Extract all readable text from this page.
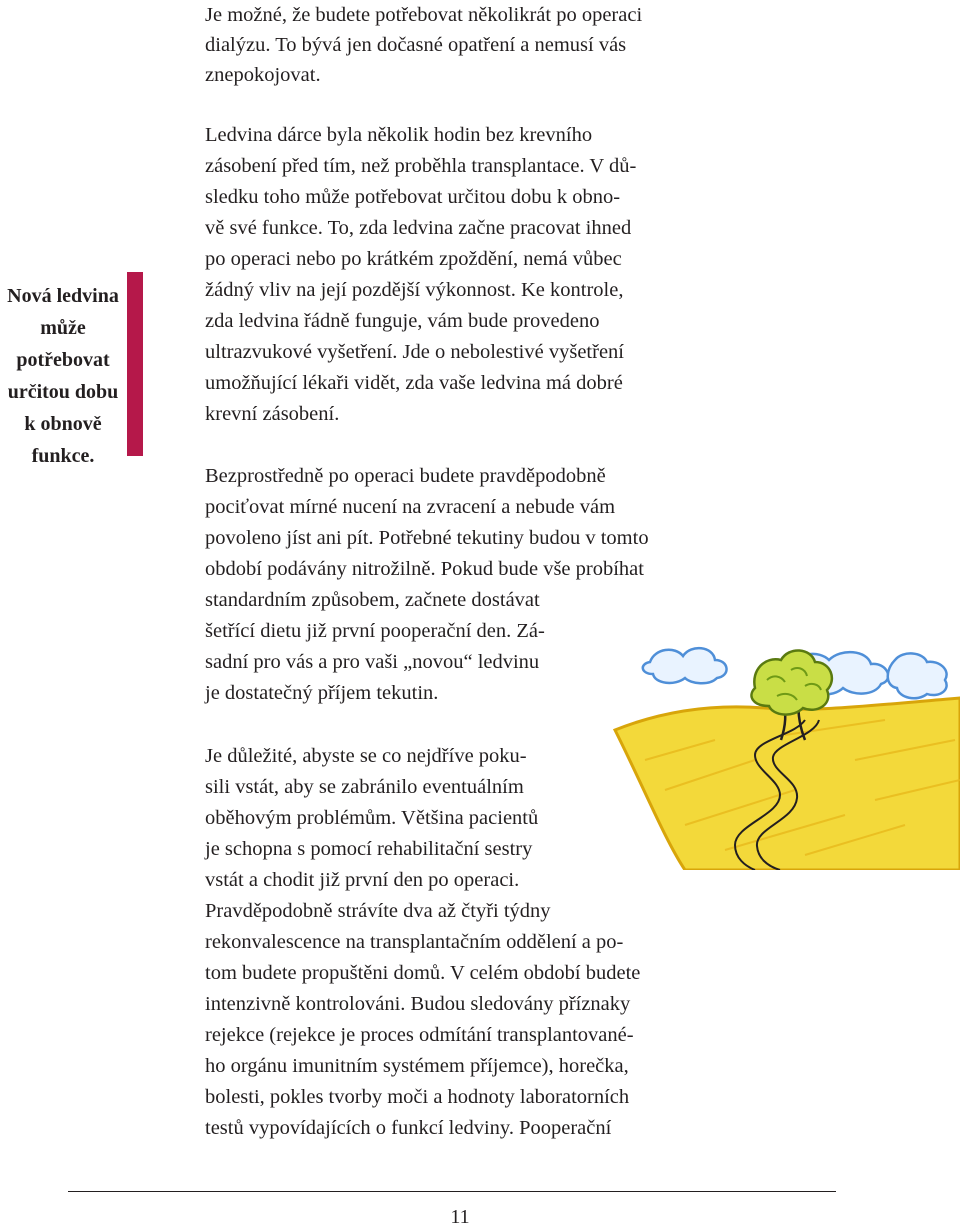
Nová ledvina
může
potřebovat
určitou dobu
k obnově
funkce.
Je možné, že budete potřebovat několikrát po operaci
dialýzu. To bývá jen dočasné opatření a nemusí vás
znepokojovat.
Ledvina dárce byla několik hodin bez krevního
zásobení před tím, než proběhla transplantace. V dů-
sledku toho může potřebovat určitou dobu k obno-
vě své funkce. To, zda ledvina začne pracovat ihned
po operaci nebo po krátkém zpoždění, nemá vůbec
žádný vliv na její pozdější výkonnost. Ke kontrole,
zda ledvina řádně funguje, vám bude provedeno
ultrazvukové vyšetření. Jde o nebolestivé vyšetření
umožňující lékaři vidět, zda vaše ledvina má dobré
krevní zásobení.
Bezprostředně po operaci budete pravděpodobně
pociťovat mírné nucení na zvracení a nebude vám
povoleno jíst ani pít. Potřebné tekutiny budou v tomto
období podávány nitrožilně. Pokud bude vše probíhat
standardním způsobem, začnete dostávat
šetřící dietu již první pooperační den. Zá-
sadní pro vás a pro vaši „novou“ ledvinu
je dostatečný příjem tekutin.
Je důležité, abyste se co nejdříve poku-
sili vstát, aby se zabránilo eventuálním
oběhovým problémům. Většina pacientů
je schopna s pomocí rehabilitační sestry
vstát a chodit již první den po operaci.
Pravděpodobně strávíte dva až čtyři týdny
rekonvalescence na transplantačním oddělení a po-
tom budete propuštěni domů. V celém období budete
intenzivně kontrolováni. Budou sledovány příznaky
rejekce (rejekce je proces odmítání transplantované-
ho orgánu imunitním systémem příjemce), horečka,
bolesti, pokles tvorby moči a hodnoty laboratorních
testů vypovídajících o funkcí ledviny. Pooperační
11
